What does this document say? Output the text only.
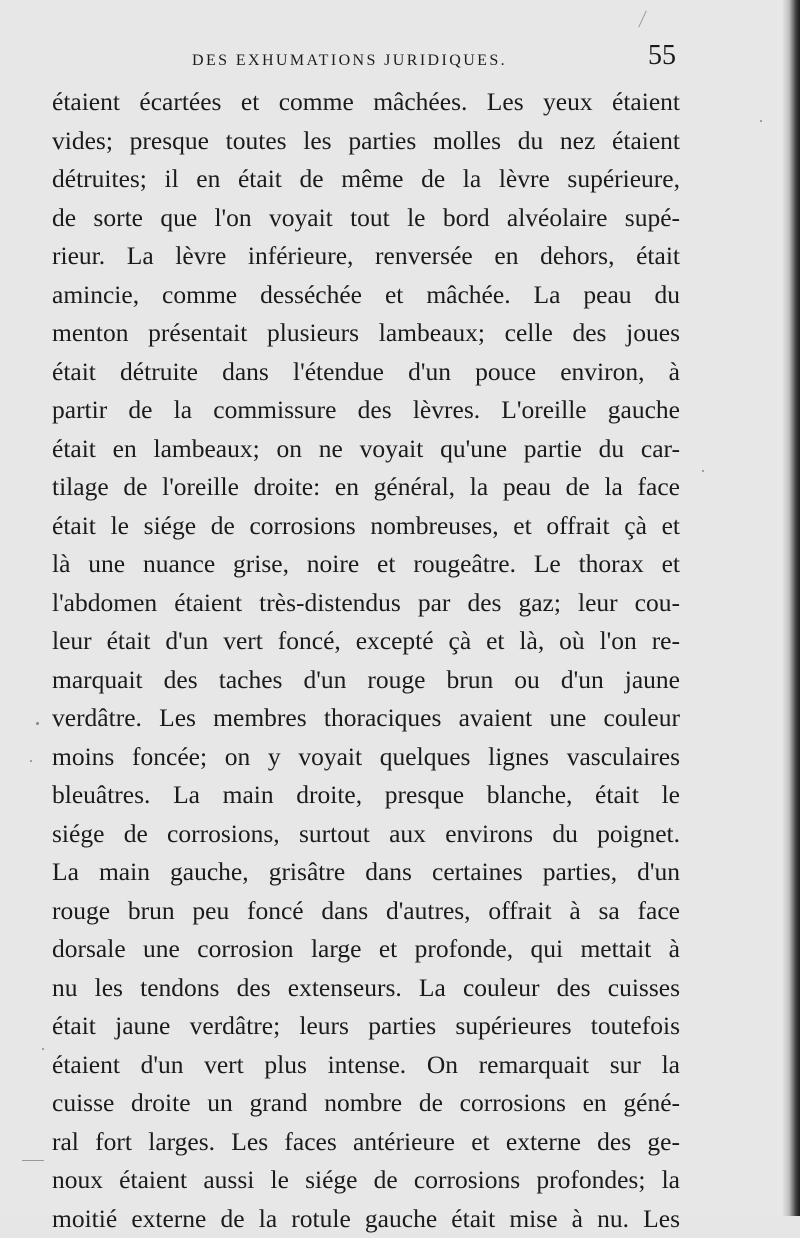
DES EXHUMATIONS JURIDIQUES.	55
étaient écartées et comme mâchées. Les yeux étaient
vides; presque toutes les parties molles du nez étaient
détruites; il en était de même de la lèvre supérieure,
de sorte que l'on voyait tout le bord alvéolaire supé-
rieur. La lèvre inférieure, renversée en dehors, était
amincie, comme desséchée et mâchée. La peau du
menton présentait plusieurs lambeaux; celle des joues
était détruite dans l'étendue d'un pouce environ, à
partir de la commissure des lèvres. L'oreille gauche
était en lambeaux; on ne voyait qu'une partie du car-
tilage de l'oreille droite: en général, la peau de la face
était le siége de corrosions nombreuses, et offrait çà et
là une nuance grise, noire et rougeâtre. Le thorax et
l'abdomen étaient très-distendus par des gaz; leur cou-
leur était d'un vert foncé, excepté çà et là, où l'on re-
marquait des taches d'un rouge brun ou d'un jaune
verdâtre. Les membres thoraciques avaient une couleur
moins foncée; on y voyait quelques lignes vasculaires
bleuâtres. La main droite, presque blanche, était le
siége de corrosions, surtout aux environs du poignet.
La main gauche, grisâtre dans certaines parties, d'un
rouge brun peu foncé dans d'autres, offrait à sa face
dorsale une corrosion large et profonde, qui mettait à
nu les tendons des extenseurs. La couleur des cuisses
était jaune verdâtre; leurs parties supérieures toutefois
étaient d'un vert plus intense. On remarquait sur la
cuisse droite un grand nombre de corrosions en géné-
ral fort larges. Les faces antérieure et externe des ge-
noux étaient aussi le siége de corrosions profondes; la
moitié externe de la rotule gauche était mise à nu. Les
